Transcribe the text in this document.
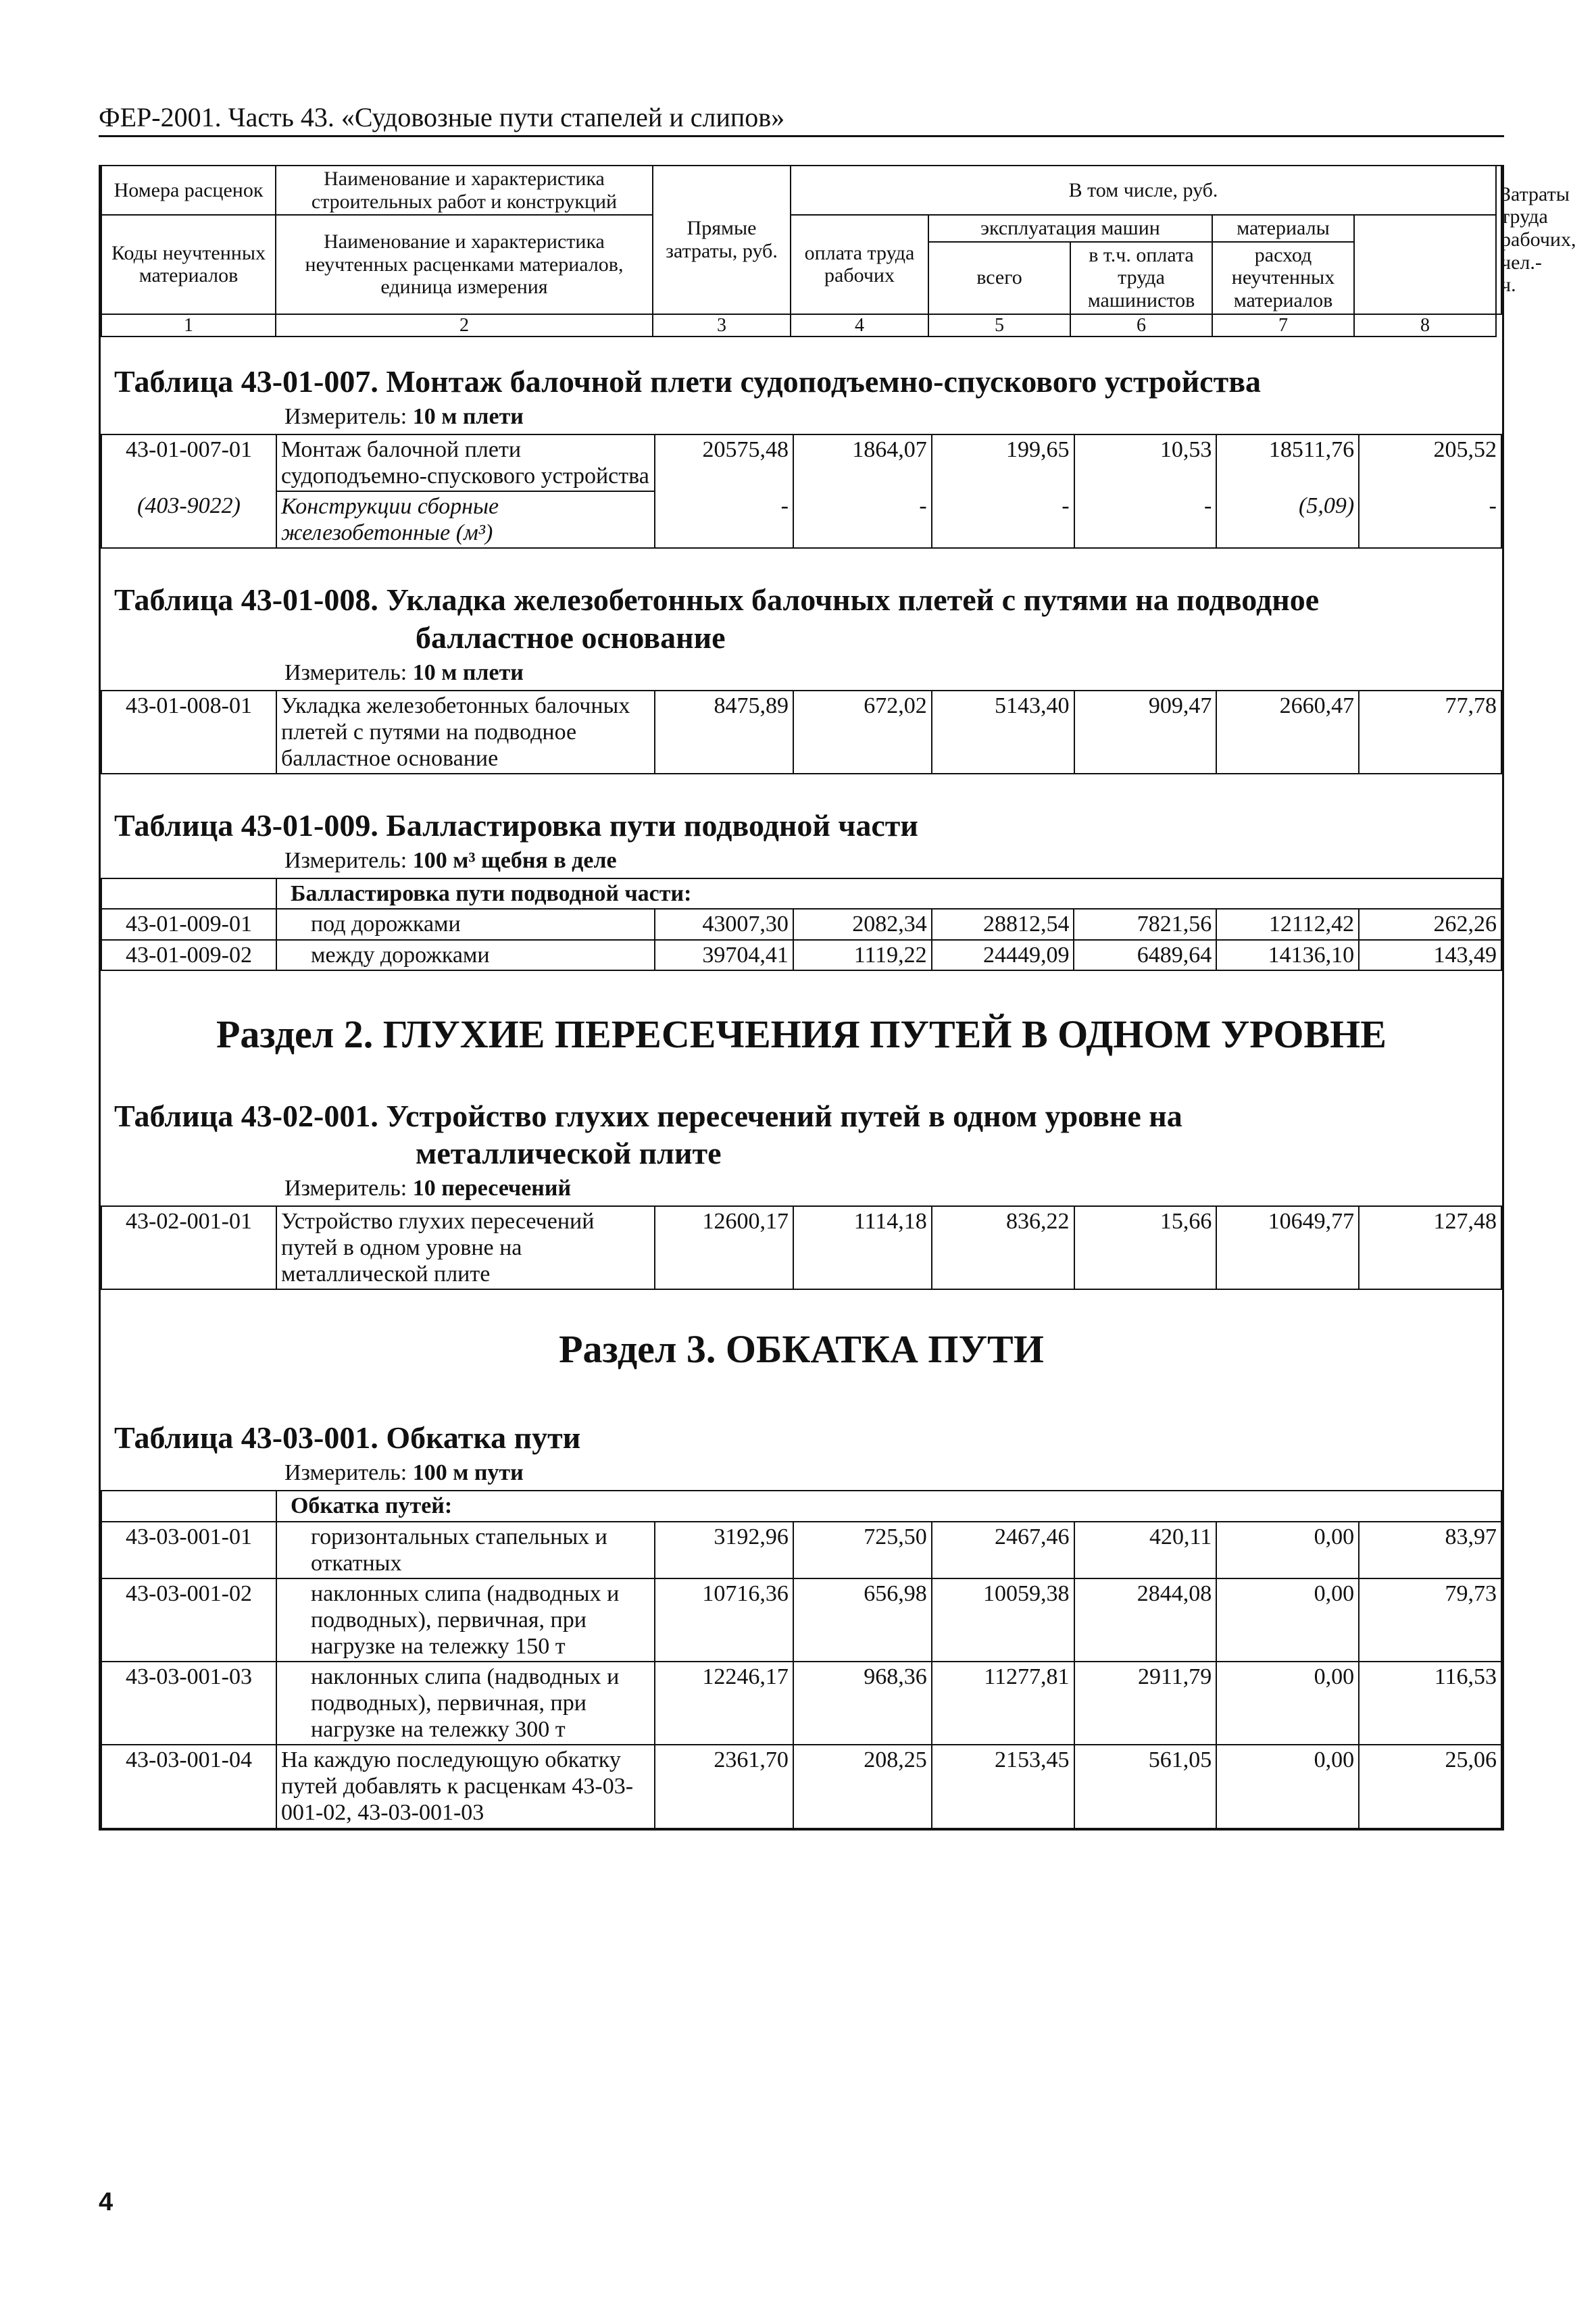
ФЕР-2001. Часть 43. «Судовозные пути стапелей и слипов»
Номера расценок	Наименование и характеристика строительных работ и конструкций	Прямые затраты, руб.	В том числе, руб.					Затраты труда рабочих, чел.-ч.
Коды неучтенных материалов	Наименование и характеристика неучтенных расценками материалов, единица измерения		оплата труда рабочих	эксплуатация машин		материалы		
				всего	в т.ч. оплата труда машинистов	расход неучтенных материалов		
1	2	3	4	5	6	7	8	
Таблица 43-01-007. Монтаж балочной плети судоподъемно-спускового устройства
Измеритель: 10 м плети
43-01-007-01	Монтаж балочной плети судоподъемно-спускового устройства	20575,48	1864,07	199,65	10,53	18511,76	205,52
(403-9022)	Конструкции сборные железобетонные (м³)	-	-	-	-	(5,09)	-
Таблица 43-01-008. Укладка железобетонных балочных плетей с путями на подводное
балластное основание
Измеритель: 10 м плети
43-01-008-01	Укладка железобетонных балочных плетей с путями на подводное балластное основание	8475,89	672,02	5143,40	909,47	2660,47	77,78
Таблица 43-01-009. Балластировка пути подводной части
Измеритель: 100 м³ щебня в деле
	Балластировка пути подводной части:						
43-01-009-01	под дорожками	43007,30	2082,34	28812,54	7821,56	12112,42	262,26
43-01-009-02	между дорожками	39704,41	1119,22	24449,09	6489,64	14136,10	143,49
Раздел 2. ГЛУХИЕ ПЕРЕСЕЧЕНИЯ ПУТЕЙ В ОДНОМ УРОВНЕ
Таблица 43-02-001. Устройство глухих пересечений путей в одном уровне на
металлической плите
Измеритель: 10 пересечений
43-02-001-01	Устройство глухих пересечений путей в одном уровне на металлической плите	12600,17	1114,18	836,22	15,66	10649,77	127,48
Раздел 3. ОБКАТКА ПУТИ
Таблица 43-03-001. Обкатка пути
Измеритель: 100 м пути
	Обкатка путей:						
43-03-001-01	горизонтальных стапельных и откатных	3192,96	725,50	2467,46	420,11	0,00	83,97
43-03-001-02	наклонных слипа (надводных и подводных), первичная, при нагрузке на тележку 150 т	10716,36	656,98	10059,38	2844,08	0,00	79,73
43-03-001-03	наклонных слипа (надводных и подводных), первичная, при нагрузке на тележку 300 т	12246,17	968,36	11277,81	2911,79	0,00	116,53
43-03-001-04	На каждую последующую обкатку путей добавлять к расценкам 43-03-001-02, 43-03-001-03	2361,70	208,25	2153,45	561,05	0,00	25,06
4
